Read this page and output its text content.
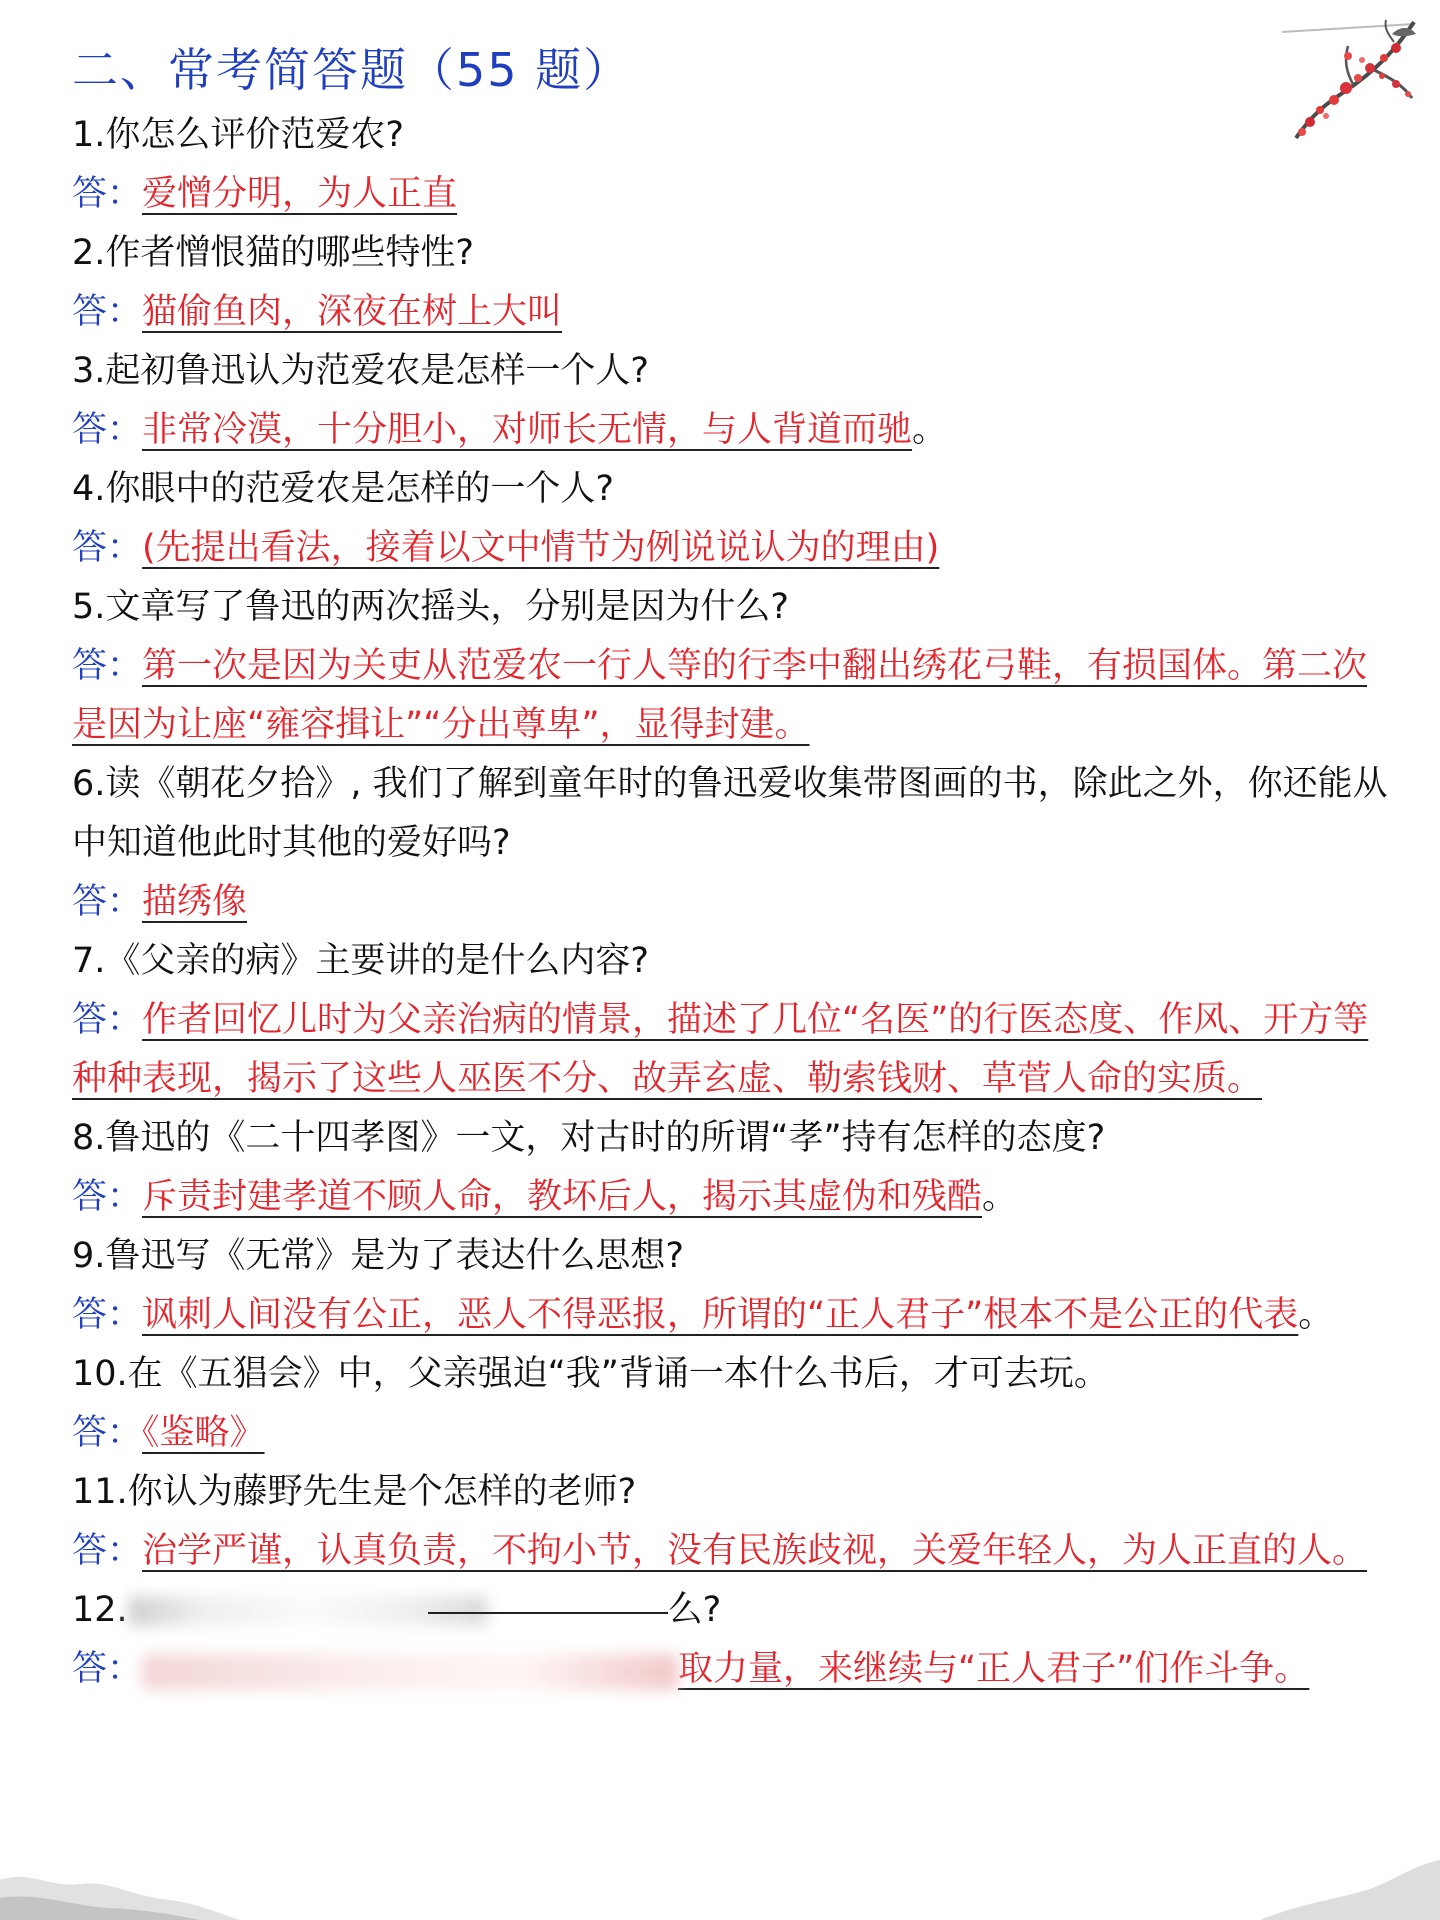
二、常考简答题（55 题）

1.你怎么评价范爱农?

答：爱憎分明，为人正直

2.作者憎恨猫的哪些特性?

答：猫偷鱼肉，深夜在树上大叫

3.起初鲁迅认为范爱农是怎样一个人?

答：非常冷漠，十分胆小，对师长无情，与人背道而驰。

4.你眼中的范爱农是怎样的一个人?

答：(先提出看法，接着以文中情节为例说说认为的理由)

5.文章写了鲁迅的两次摇头，分别是因为什么?

答：第一次是因为关吏从范爱农一行人等的行李中翻出绣花弓鞋，有损国体。第二次是因为让座“雍容揖让”“分出尊卑”，显得封建。

6.读《朝花夕拾》, 我们了解到童年时的鲁迅爱收集带图画的书，除此之外，你还能从中知道他此时其他的爱好吗?

答：描绣像

7.《父亲的病》主要讲的是什么内容?

答：作者回忆儿时为父亲治病的情景，描述了几位“名医”的行医态度、作风、开方等种种表现，揭示了这些人巫医不分、故弄玄虚、勒索钱财、草菅人命的实质。

8.鲁迅的《二十四孝图》一文，对古时的所谓“孝”持有怎样的态度?

答：斥责封建孝道不顾人命，教坏后人，揭示其虚伪和残酷。

9.鲁迅写《无常》是为了表达什么思想?

答：讽刺人间没有公正，恶人不得恶报，所谓的“正人君子”根本不是公正的代表。

10.在《五猖会》中，父亲强迫“我”背诵一本什么书后，才可去玩。

答：《鉴略》

11.你认为藤野先生是个怎样的老师?

答：治学严谨，认真负责，不拘小节，没有民族歧视，关爱年轻人，为人正直的人。

12.	么?

答：	取力量，来继续与“正人君子”们作斗争。
